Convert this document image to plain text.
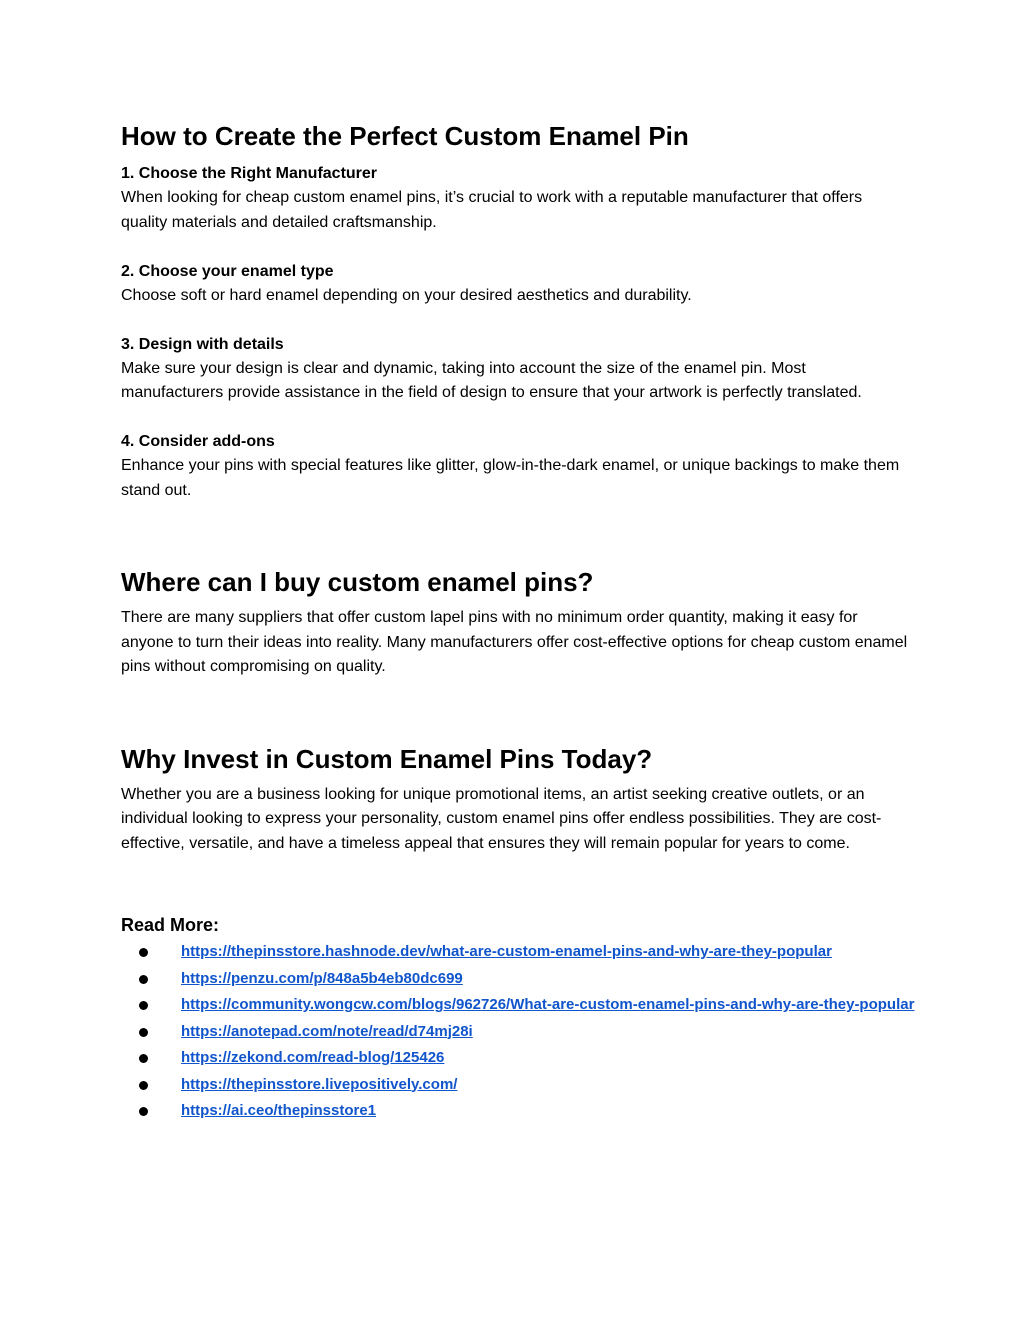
How to Create the Perfect Custom Enamel Pin

1. Choose the Right Manufacturer

When looking for cheap custom enamel pins, it’s crucial to work with a reputable manufacturer that offers quality materials and detailed craftsmanship.

2. Choose your enamel type

Choose soft or hard enamel depending on your desired aesthetics and durability.

3. Design with details

Make sure your design is clear and dynamic, taking into account the size of the enamel pin. Most manufacturers provide assistance in the field of design to ensure that your artwork is perfectly translated.

4. Consider add-ons

Enhance your pins with special features like glitter, glow-in-the-dark enamel, or unique backings to make them stand out.

Where can I buy custom enamel pins?

There are many suppliers that offer custom lapel pins with no minimum order quantity, making it easy for anyone to turn their ideas into reality. Many manufacturers offer cost-effective options for cheap custom enamel pins without compromising on quality.

Why Invest in Custom Enamel Pins Today?

Whether you are a business looking for unique promotional items, an artist seeking creative outlets, or an individual looking to express your personality, custom enamel pins offer endless possibilities. They are cost-effective, versatile, and have a timeless appeal that ensures they will remain popular for years to come.

Read More:

https://thepinsstore.hashnode.dev/what-are-custom-enamel-pins-and-why-are-they-popular
https://penzu.com/p/848a5b4eb80dc699
https://community.wongcw.com/blogs/962726/What-are-custom-enamel-pins-and-why-are-they-popular
https://anotepad.com/note/read/d74mj28i
https://zekond.com/read-blog/125426
https://thepinsstore.livepositively.com/
https://ai.ceo/thepinsstore1
